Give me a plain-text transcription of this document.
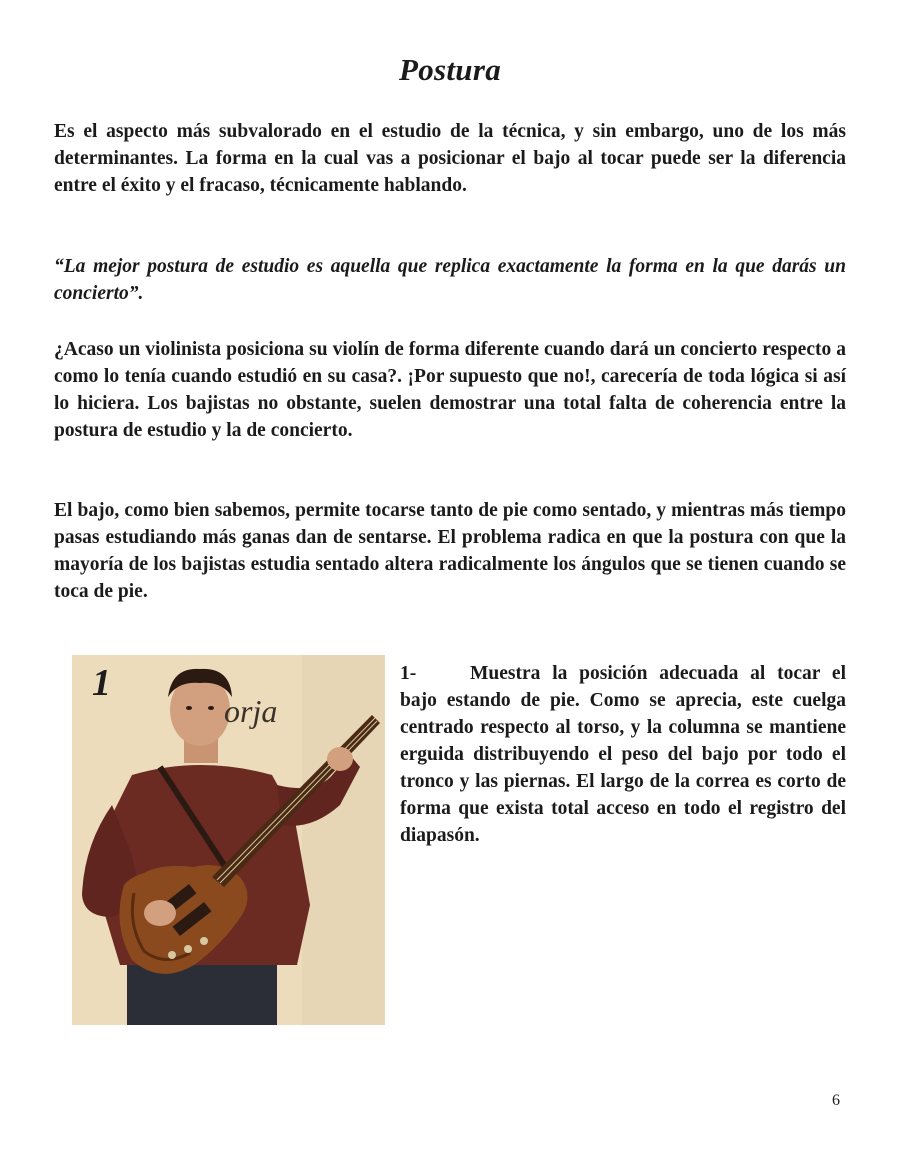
Postura

Es el aspecto más subvalorado en el estudio de la técnica, y sin embargo, uno de los más determinantes. La forma en la cual vas a posicionar el bajo al tocar puede ser la diferencia entre el éxito y el fracaso, técnicamente hablando.

“La mejor postura de estudio es aquella que replica exactamente la forma en la que darás un concierto”.

¿Acaso un violinista posiciona su violín de forma diferente cuando dará un concierto respecto a como lo tenía cuando estudió en su casa?. ¡Por supuesto que no!, carecería de toda lógica si así lo hiciera. Los bajistas no obstante, suelen demostrar una total falta de coherencia entre la postura de estudio y la de concierto.

El bajo, como bien sabemos, permite tocarse tanto de pie como sentado, y mientras más tiempo pasas estudiando más ganas dan de sentarse. El problema radica en que la postura con que la mayoría de los bajistas estudia sentado altera radicalmente los ángulos que se tienen cuando se toca de pie.

orja
1	1-	Muestra la posición adecuada al tocar el bajo estando de pie. Como se aprecia, este cuelga centrado respecto al torso, y la columna se mantiene erguida distribuyendo el peso del bajo por todo el tronco y las piernas. El largo de la correa es corto de forma que exista total acceso en todo el registro del diapasón.

6
